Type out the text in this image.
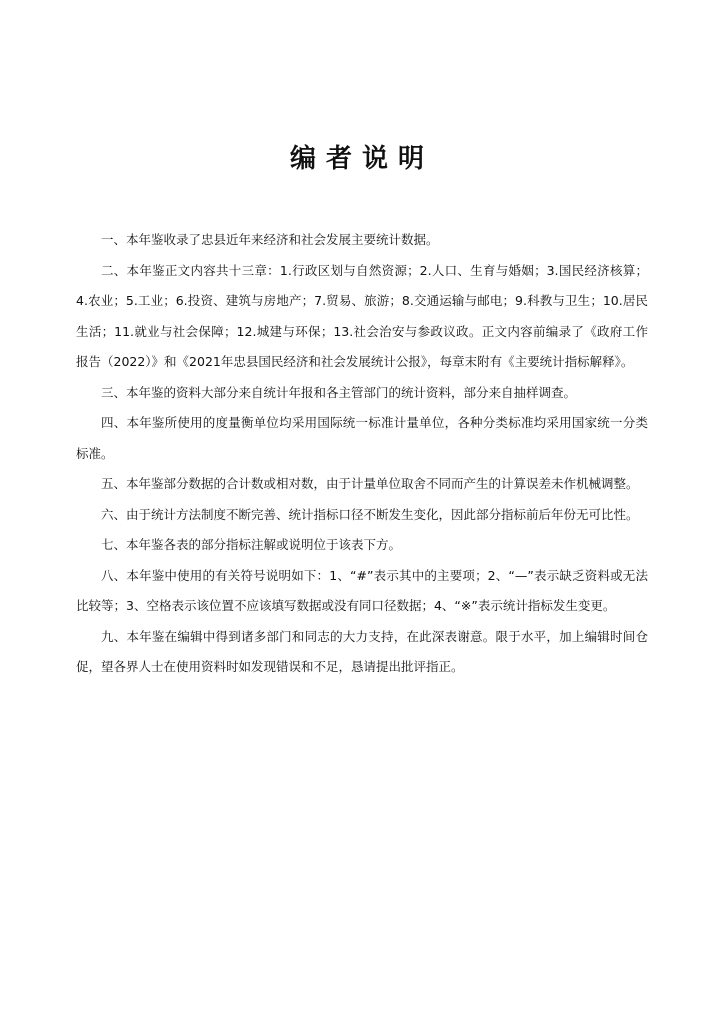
编者说明

一、本年鉴收录了忠县近年来经济和社会发展主要统计数据。

二、本年鉴正文内容共十三章：1.行政区划与自然资源；2.人口、生育与婚姻；3.国民经济核算；4.农业；5.工业；6.投资、建筑与房地产；7.贸易、旅游；8.交通运输与邮电；9.科教与卫生；10.居民生活；11.就业与社会保障；12.城建与环保；13.社会治安与参政议政。正文内容前编录了《政府工作报告（2022）》和《2021年忠县国民经济和社会发展统计公报》，每章末附有《主要统计指标解释》。

三、本年鉴的资料大部分来自统计年报和各主管部门的统计资料，部分来自抽样调查。

四、本年鉴所使用的度量衡单位均采用国际统一标准计量单位，各种分类标准均采用国家统一分类标准。

五、本年鉴部分数据的合计数或相对数，由于计量单位取舍不同而产生的计算误差未作机械调整。

六、由于统计方法制度不断完善、统计指标口径不断发生变化，因此部分指标前后年份无可比性。

七、本年鉴各表的部分指标注解或说明位于该表下方。

八、本年鉴中使用的有关符号说明如下：1、“#”表示其中的主要项；2、“—”表示缺乏资料或无法比较等；3、空格表示该位置不应该填写数据或没有同口径数据；4、“※”表示统计指标发生变更。

九、本年鉴在编辑中得到诸多部门和同志的大力支持，在此深表谢意。限于水平，加上编辑时间仓促，望各界人士在使用资料时如发现错误和不足，恳请提出批评指正。
